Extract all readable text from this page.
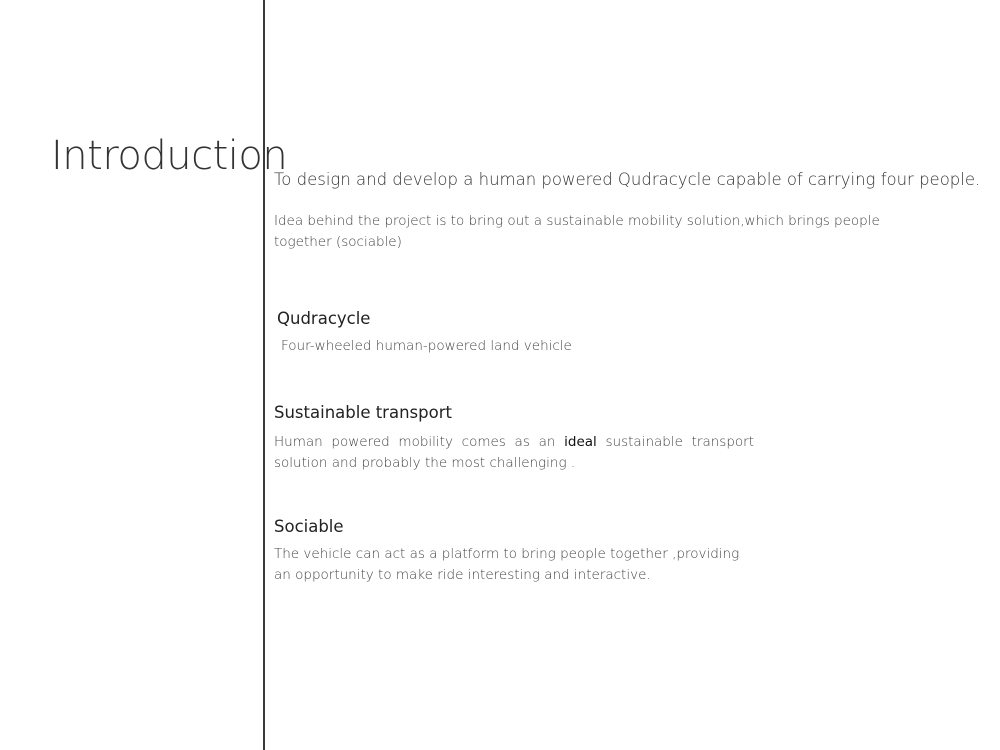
Introduction
To design and develop a human powered Qudracycle capable of carrying four people.
Idea behind the project is to bring out a sustainable mobility solution,which brings people together (sociable)
Qudracycle
Four-wheeled human-powered land vehicle
Sustainable transport
Human powered mobility comes as an ideal sustainable transport solution and probably the most challenging .
Sociable
The vehicle can act as a platform to bring people together ,providing an opportunity to make ride interesting and interactive.
